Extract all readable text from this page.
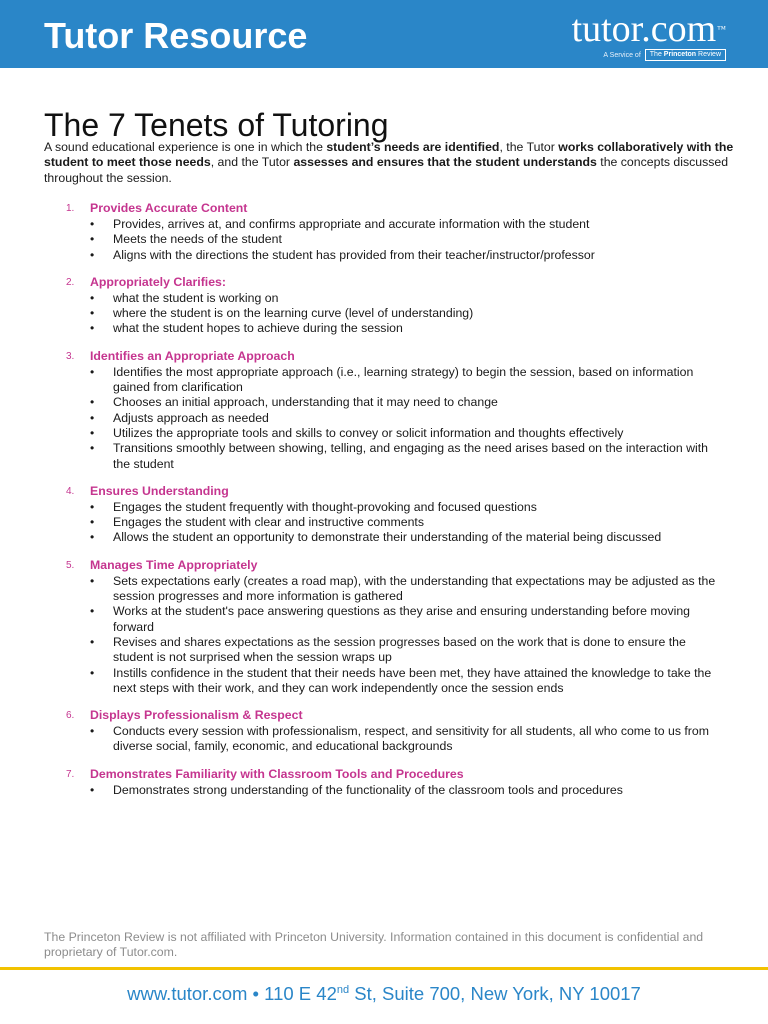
Tutor Resource	tutor.com™
A Service of	The Princeton Review
The 7 Tenets of Tutoring

A sound educational experience is one in which the student’s needs are identified, the Tutor works collaboratively with the student to meet those needs, and the Tutor assesses and ensures that the student understands the concepts discussed throughout the session.

1. Provides Accurate Content
• Provides, arrives at, and confirms appropriate and accurate information with the student
• Meets the needs of the student
• Aligns with the directions the student has provided from their teacher/instructor/professor
2. Appropriately Clarifies:
• what the student is working on
• where the student is on the learning curve (level of understanding)
• what the student hopes to achieve during the session
3. Identifies an Appropriate Approach
• Identifies the most appropriate approach (i.e., learning strategy) to begin the session, based on information gained from clarification
• Chooses an initial approach, understanding that it may need to change
• Adjusts approach as needed
• Utilizes the appropriate tools and skills to convey or solicit information and thoughts effectively
• Transitions smoothly between showing, telling, and engaging as the need arises based on the interaction with the student
4. Ensures Understanding
• Engages the student frequently with thought-provoking and focused questions
• Engages the student with clear and instructive comments
• Allows the student an opportunity to demonstrate their understanding of the material being discussed
5. Manages Time Appropriately
• Sets expectations early (creates a road map), with the understanding that expectations may be adjusted as the session progresses and more information is gathered
• Works at the student's pace answering questions as they arise and ensuring understanding before moving forward
• Revises and shares expectations as the session progresses based on the work that is done to ensure the student is not surprised when the session wraps up
• Instills confidence in the student that their needs have been met, they have attained the knowledge to take the next steps with their work, and they can work independently once the session ends
6. Displays Professionalism & Respect
• Conducts every session with professionalism, respect, and sensitivity for all students, all who come to us from diverse social, family, economic, and educational backgrounds
7. Demonstrates Familiarity with Classroom Tools and Procedures
• Demonstrates strong understanding of the functionality of the classroom tools and procedures
The Princeton Review is not affiliated with Princeton University. Information contained in this document is confidential and proprietary of Tutor.com.
www.tutor.com • 110 E 42nd St, Suite 700, New York, NY 10017
